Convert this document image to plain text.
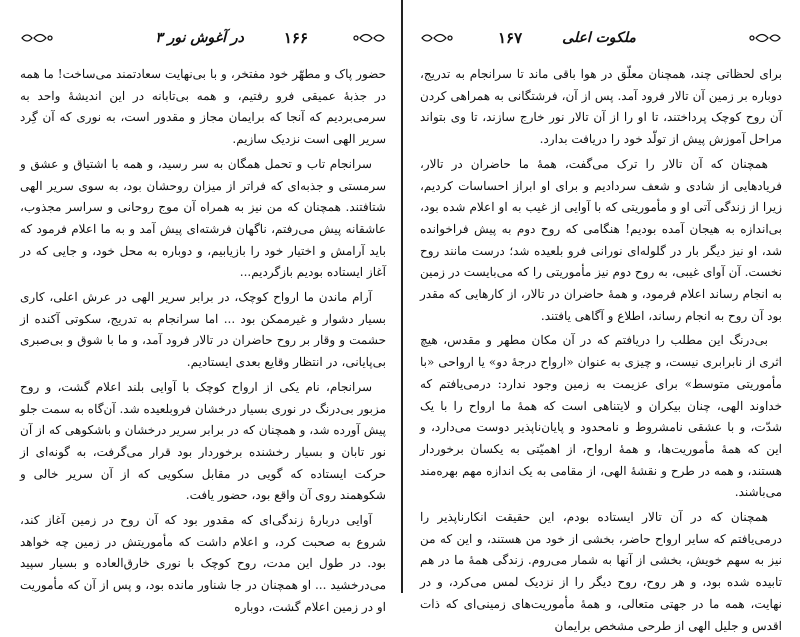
در آغوش نور ۳	۱۶۶

حضور پاک و مطهّر خود مفتخر، و با بی‌نهایت سعادتمند می‌ساخت! ما همه در جذبهٔ عمیقی فرو رفتیم، و همه بی‌تابانه در این اندیشهٔ واحد به سرمی‌بردیم که آنجا که برایمان مجاز و مقدور است، به نوری که آن گِرد سریر الهی است نزدیک سازیم.

سرانجام تاب و تحمل همگان به سر رسید، و همه با اشتیاق و عشق و سرمستی و جذبه‌ای که فراتر از میزان روحشان بود، به سوی سریر الهی شتافتند. همچنان که من نیز به همراه آن موج روحانی و سراسر مجذوب، عاشقانه پیش می‌رفتم، ناگهان فرشته‌ای پیش آمد و به ما اعلام فرمود که باید آرامش و اختیار خود را بازیابیم، و دوباره به محل خود، و جایی که در آغاز ایستاده بودیم بازگردیم...

آرام ماندن ما ارواح کوچک، در برابر سریر الهی در عرش اعلی، کاری بسیار دشوار و غیرممکن بود ... اما سرانجام به تدریج، سکوتی آکنده از حشمت و وقار بر روح حاضران در تالار فرود آمد، و ما با شوق و بی‌صبری بی‌پایانی، در انتظار وقایع بعدی ایستادیم.

سرانجام، نام یکی از ارواح کوچک با آوایی بلند اعلام گشت، و روح مزبور بی‌درنگ در نوری بسیار درخشان فروبلعیده شد. آن‌گاه به سمت جلو پیش آورده شد، و همچنان که در برابر سریر درخشان و باشکوهی که از آن نور تابان و بسیار رخشنده برخوردار بود قرار می‌گرفت، به گونه‌ای از حرکت ایستاده که گویی در مقابل سکویی که از آن سریر خالی و شکوهمند روی آن واقع بود، حضور یافت.

آوایی دربارهٔ زندگی‌ای که مقدور بود که آن روح در زمین آغاز کند، شروع به صحبت کرد، و اعلام داشت که مأموریتش در زمین چه خواهد بود. در طول این مدت، روح کوچک با نوری خارق‌العاده و بسیار سپید می‌درخشید ... او همچنان در جا شناور مانده بود، و پس از آن که مأموریت او در زمین اعلام گشت، دوباره

۱۶۷	ملکوت اعلی

برای لحظاتی چند، همچنان معلّق در هوا باقی ماند تا سرانجام به تدریج، دوباره بر زمین آن تالار فرود آمد. پس از آن، فرشتگانی به همراهی کردن آن روح کوچک پرداختند، تا او را از آن تالار نور خارج سازند، تا وی بتواند مراحل آموزش پیش از تولّد خود را دریافت بدارد.

همچنان که آن تالار را ترک می‌گفت، همهٔ ما حاضران در تالار، فریادهایی از شادی و شعف سردادیم و برای او ابراز احساسات کردیم، زیرا از زندگی آتی او و مأموریتی که با آوایی از غیب به او اعلام شده بود، بی‌اندازه به هیجان آمده بودیم! هنگامی که روح دوم به پیش فراخوانده شد، او نیز دیگر بار در گلوله‌ای نورانی فرو بلعیده شد؛ درست مانند روح نخست. آن آوای غیبی، به روح دوم نیز مأموریتی را که می‌بایست در زمین به انجام رساند اعلام فرمود، و همهٔ حاضران در تالار، از کارهایی که مقدر بود آن روح به انجام رساند، اطلاع و آگاهی یافتند.

بی‌درنگ این مطلب را دریافتم که در آن مکان مطهر و مقدس، هیچ اثری از نابرابری نیست، و چیزی به عنوان «ارواح درجهٔ دو» یا ارواحی «با مأموریتی متوسط» برای عزیمت به زمین وجود ندارد: درمی‌یافتم که خداوند الهی، چنان بیکران و لایتناهی است که همهٔ ما ارواح را با یک شدّت، و با عشقی نامشروط و نامحدود و پایان‌ناپذیر دوست می‌دارد، و این که همهٔ مأموریت‌ها، و همهٔ ارواح، از اهمیّتی به یکسان برخوردار هستند، و همه در طرح و نقشهٔ الهی، از مقامی به یک اندازه مهم بهره‌مند می‌باشند.

همچنان که در آن تالار ایستاده بودم، این حقیقت انکارناپذیر را درمی‌یافتم که سایر ارواح حاضر، بخشی از خود من هستند، و این که من نیز به سهم خویش، بخشی از آنها به شمار می‌روم. زندگی همهٔ ما در هم تابیده شده بود، و هر روح، روح دیگر را از نزدیک لمس می‌کرد، و در نهایت، همه ما در جهتی متعالی، و همهٔ مأموریت‌های زمینی‌ای که ذات اقدس و جلیل الهی از طرحی مشخص برایمان
